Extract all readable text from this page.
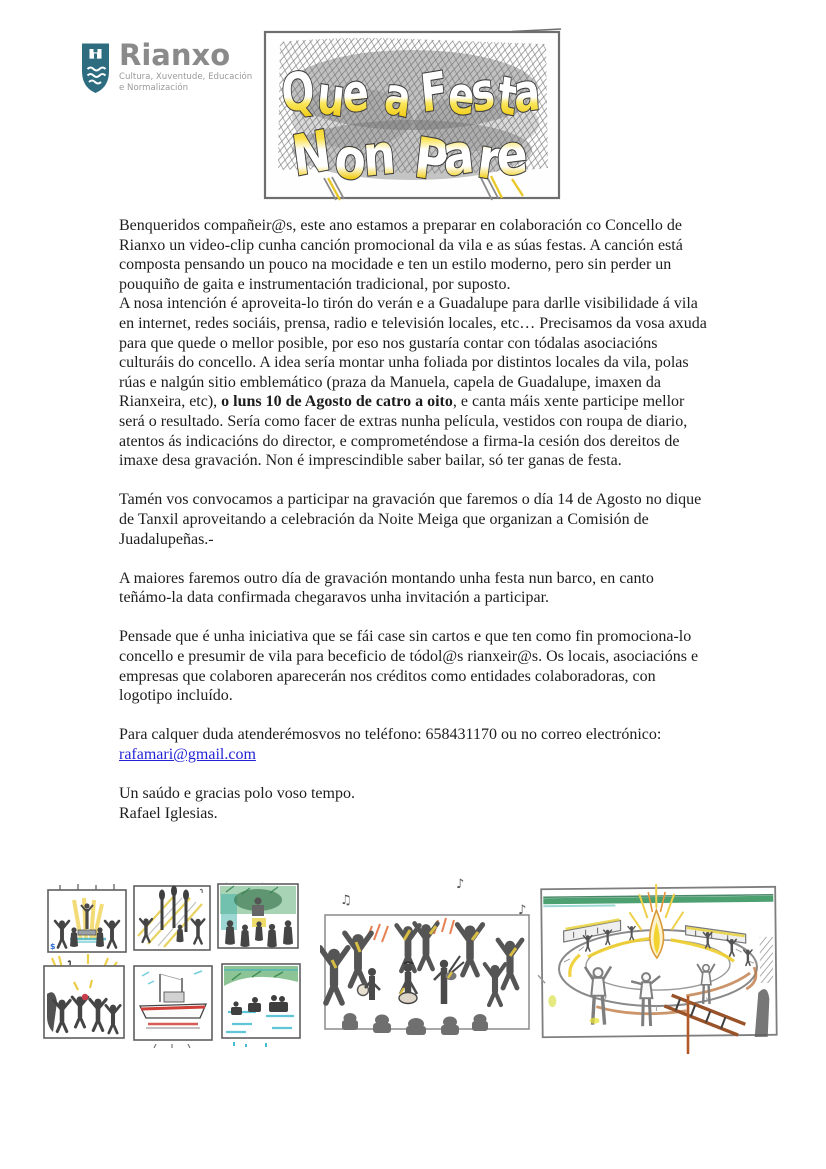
Rianxo
Cultura, Xuventude, Educación
e Normalización	Que a Festa
Non Pare

Benqueridos compañeir@s, este ano estamos a preparar en colaboración co Concello de Rianxo un video-clip cunha canción promocional da vila e as súas festas. A canción está composta pensando un pouco na mocidade e ten un estilo moderno, pero sin perder un pouquiño de gaita e instrumentación tradicional, por suposto.

A nosa intención é aproveita-lo tirón do verán e a Guadalupe para darlle visibilidade á vila en internet, redes sociáis, prensa, radio e televisión locales, etc… Precisamos da vosa axuda para que quede o mellor posible, por eso nos gustaría contar con tódalas asociacións culturáis do concello. A idea sería montar unha foliada por distintos locales da vila, polas rúas e nalgún sitio emblemático (praza da Manuela, capela de Guadalupe, imaxen da Rianxeira, etc), o luns 10 de Agosto de catro a oito, e canta máis xente participe mellor será o resultado. Sería como facer de extras nunha película, vestidos con roupa de diario, atentos ás indicacións do director, e comprometéndose a firma-la cesión dos dereitos de imaxe desa gravación. Non é imprescindible saber bailar, só ter ganas de festa.

Tamén vos convocamos a participar na gravación que faremos o día 14 de Agosto no dique de Tanxil aproveitando a celebración da Noite Meiga que organizan a Comisión de Juadalupeñas.-

A maiores faremos outro día de gravación montando unha festa nun barco, en canto teñámo-la data confirmada chegaravos unha invitación a participar.

Pensade que é unha iniciativa que se fái case sin cartos e que ten como fin promociona-lo concello e presumir de vila para beceficio de tódol@s rianxeir@s. Os locais, asociacións e empresas que colaboren aparecerán nos créditos como entidades colaboradoras, con logotipo incluído.

Para calquer duda atenderémosvos no teléfono: 658431170 ou no correo electrónico: rafamari@gmail.com

Un saúdo e gracias polo voso tempo.

Rafael Iglesias.

$
♫
♪
♪
